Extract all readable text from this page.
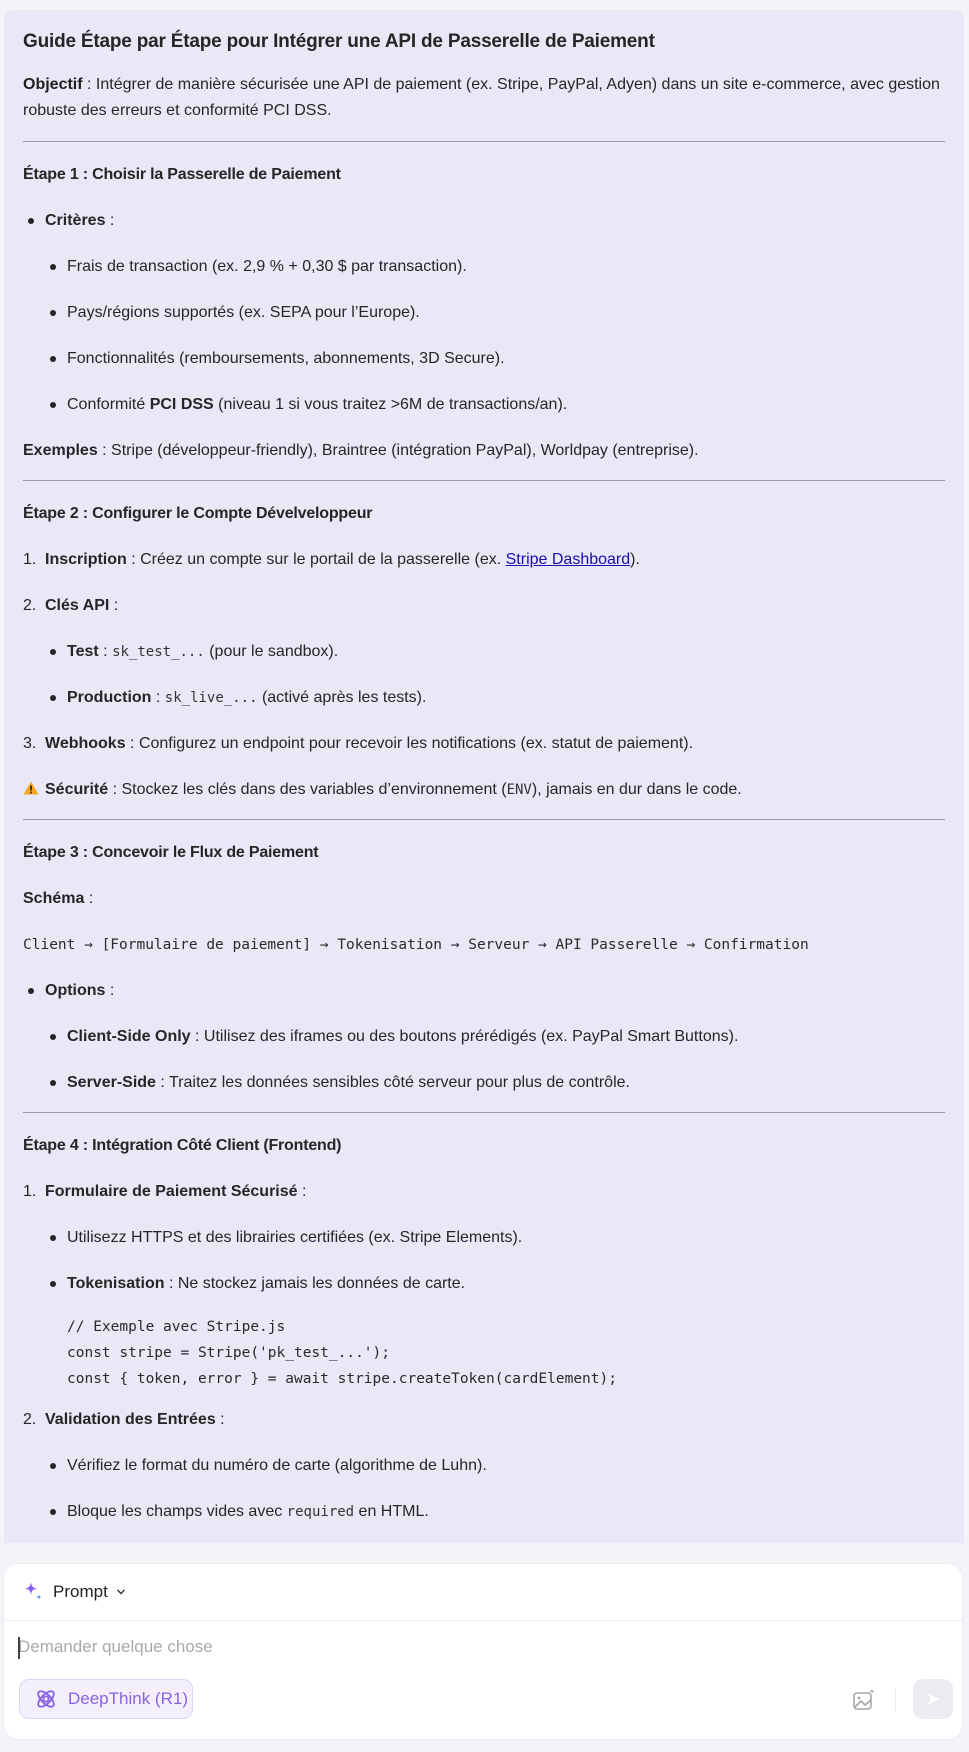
Guide Étape par Étape pour Intégrer une API de Passerelle de Paiement
Objectif : Intégrer de manière sécurisée une API de paiement (ex. Stripe, PayPal, Adyen) dans un site e-commerce, avec gestion robuste des erreurs et conformité PCI DSS.
Étape 1 : Choisir la Passerelle de Paiement
Critères :
Frais de transaction (ex. 2,9 % + 0,30 $ par transaction).
Pays/régions supportés (ex. SEPA pour l’Europe).
Fonctionnalités (remboursements, abonnements, 3D Secure).
Conformité PCI DSS (niveau 1 si vous traitez >6M de transactions/an).
Exemples : Stripe (développeur-friendly), Braintree (intégration PayPal), Worldpay (entreprise).
Étape 2 : Configurer le Compte Dévelveloppeur
1. Inscription : Créez un compte sur le portail de la passerelle (ex. Stripe Dashboard).
2. Clés API :
Test : sk_test_... (pour le sandbox).
Production : sk_live_... (activé après les tests).
3. Webhooks : Configurez un endpoint pour recevoir les notifications (ex. statut de paiement).
Sécurité : Stockez les clés dans des variables d’environnement (ENV), jamais en dur dans le code.
Étape 3 : Concevoir le Flux de Paiement
Schéma :
Client → [Formulaire de paiement] → Tokenisation → Serveur → API Passerelle → Confirmation
Options :
Client-Side Only : Utilisez des iframes ou des boutons prérédigés (ex. PayPal Smart Buttons).
Server-Side : Traitez les données sensibles côté serveur pour plus de contrôle.
Étape 4 : Intégration Côté Client (Frontend)
1. Formulaire de Paiement Sécurisé :
Utilisezz HTTPS et des librairies certifiées (ex. Stripe Elements).
Tokenisation : Ne stockez jamais les données de carte.
// Exemple avec Stripe.js
const stripe = Stripe('pk_test_...');
const { token, error } = await stripe.createToken(cardElement);
2. Validation des Entrées :
Vérifiez le format du numéro de carte (algorithme de Luhn).
Bloque les champs vides avec required en HTML.
Prompt
Demander quelque chose
DeepThink (R1)
